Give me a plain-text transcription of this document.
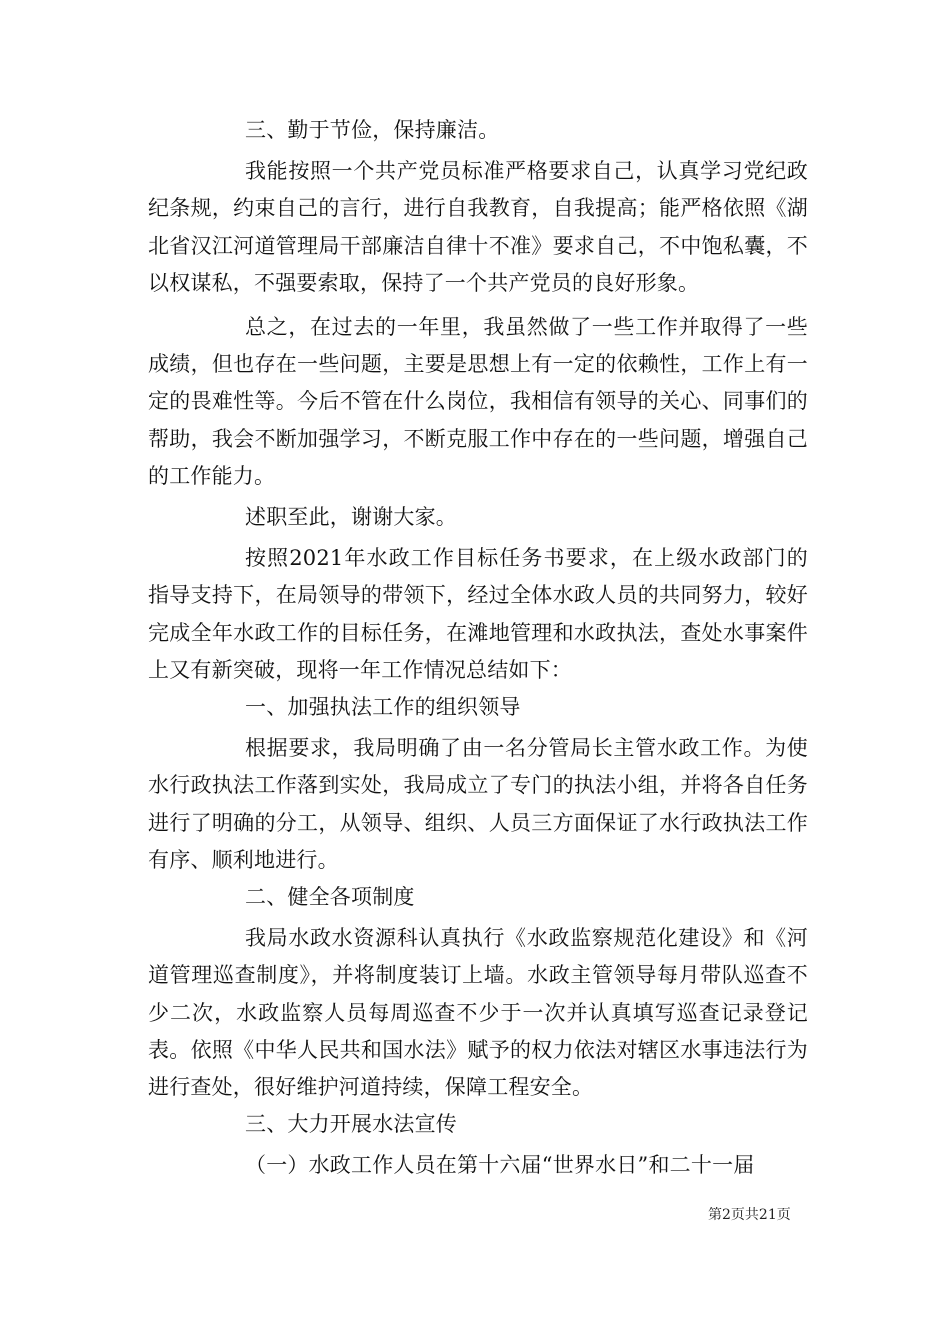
三、勤于节俭，保持廉洁。

我能按照一个共产党员标准严格要求自己，认真学习党纪政纪条规，约束自己的言行，进行自我教育，自我提高；能严格依照《湖北省汉江河道管理局干部廉洁自律十不准》要求自己，不中饱私囊，不以权谋私，不强要索取，保持了一个共产党员的良好形象。

总之，在过去的一年里，我虽然做了一些工作并取得了一些成绩，但也存在一些问题，主要是思想上有一定的依赖性，工作上有一定的畏难性等。今后不管在什么岗位，我相信有领导的关心、同事们的帮助，我会不断加强学习，不断克服工作中存在的一些问题，增强自己的工作能力。

述职至此，谢谢大家。

按照2021年水政工作目标任务书要求，在上级水政部门的指导支持下，在局领导的带领下，经过全体水政人员的共同努力，较好完成全年水政工作的目标任务，在滩地管理和水政执法，查处水事案件上又有新突破，现将一年工作情况总结如下：

一、加强执法工作的组织领导

根据要求，我局明确了由一名分管局长主管水政工作。为使水行政执法工作落到实处，我局成立了专门的执法小组，并将各自任务进行了明确的分工，从领导、组织、人员三方面保证了水行政执法工作有序、顺利地进行。

二、健全各项制度

我局水政水资源科认真执行《水政监察规范化建设》和《河道管理巡查制度》，并将制度装订上墙。水政主管领导每月带队巡查不少二次，水政监察人员每周巡查不少于一次并认真填写巡查记录登记表。依照《中华人民共和国水法》赋予的权力依法对辖区水事违法行为进行查处，很好维护河道持续，保障工程安全。

三、大力开展水法宣传

（一）水政工作人员在第十六届“世界水日”和二十一届

第2页共21页
